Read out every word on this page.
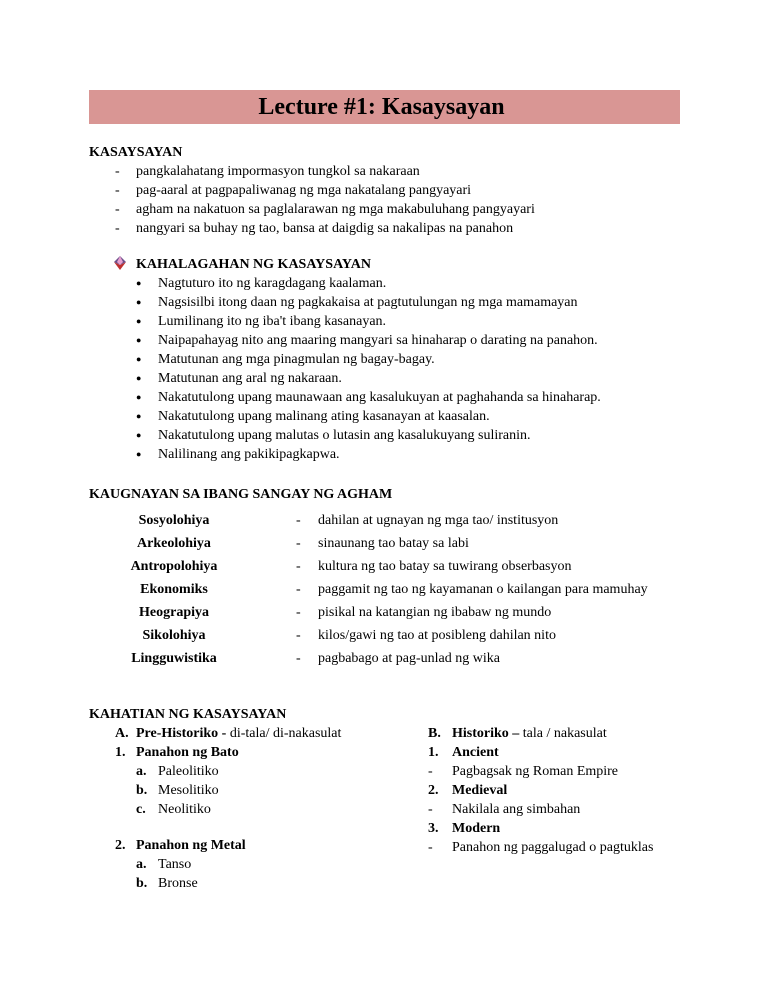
Lecture #1: Kasaysayan
KASAYSAYAN
- pangkalahatang impormasyon tungkol sa nakaraan
- pag-aaral at pagpapaliwanag ng mga nakatalang pangyayari
- agham na nakatuon sa paglalarawan ng mga makabuluhang pangyayari
- nangyari sa buhay ng tao, bansa at daigdig sa nakalipas na panahon
KAHALAGAHAN NG KASAYSAYAN
● Nagtuturo ito ng karagdagang kaalaman.
● Nagsisilbi itong daan ng pagkakaisa at pagtutulungan ng mga mamamayan
● Lumilinang ito ng iba't ibang kasanayan.
● Naipapahayag nito ang maaring mangyari sa hinaharap o darating na panahon.
● Matutunan ang mga pinagmulan ng bagay-bagay.
● Matutunan ang aral ng nakaraan.
● Nakatutulong upang maunawaan ang kasalukuyan at paghahanda sa hinaharap.
● Nakatutulong upang malinang ating kasanayan at kaasalan.
● Nakatutulong upang malutas o lutasin ang kasalukuyang suliranin.
● Nalilinang ang pakikipagkapwa.
KAUGNAYAN SA IBANG SANGAY NG AGHAM
Sosyolohiya	- dahilan at ugnayan ng mga tao/ institusyon
Arkeolohiya	- sinaunang tao batay sa labi
Antropolohiya	- kultura ng tao batay sa tuwirang obserbasyon
Ekonomiks	- paggamit ng tao ng kayamanan o kailangan para mamuhay
Heograpiya	- pisikal na katangian ng ibabaw ng mundo
Sikolohiya	- kilos/gawi ng tao at posibleng dahilan nito
Lingguwistika	- pagbabago at pag-unlad ng wika
KAHATIAN NG KASAYSAYAN
A. Pre-Historiko - di-tala/ di-nakasulat
1. Panahon ng Bato
a. Paleolitiko
b. Mesolitiko
c. Neolitiko
2. Panahon ng Metal
a. Tanso
b. Bronse
B. Historiko – tala / nakasulat
1. Ancient
- Pagbagsak ng Roman Empire
2. Medieval
- Nakilala ang simbahan
3. Modern
- Panahon ng paggalugad o pagtuklas
